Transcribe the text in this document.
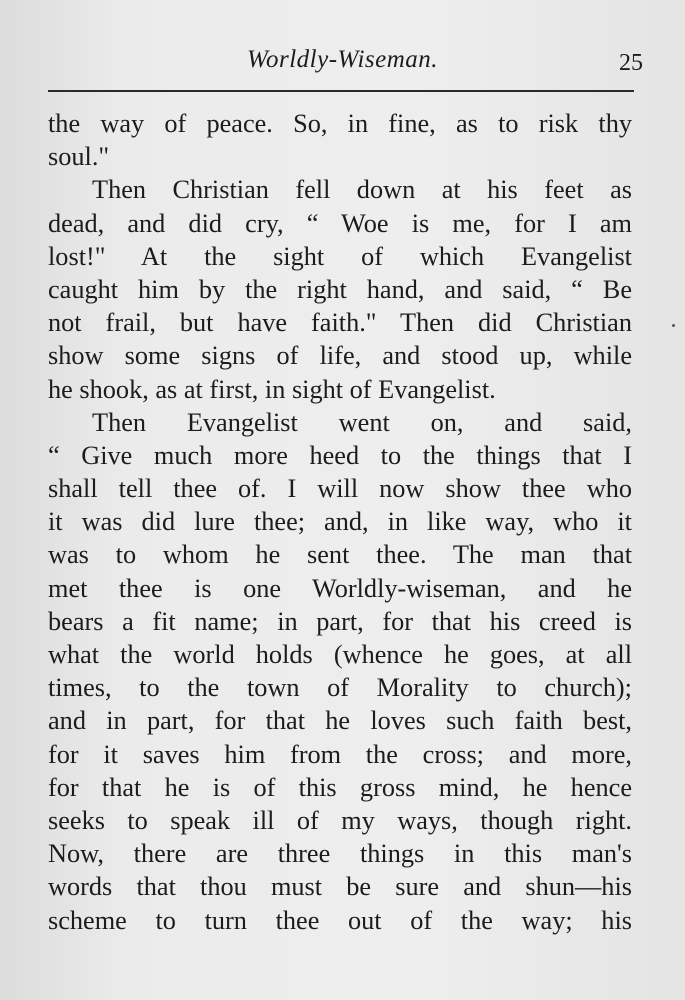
Worldly-Wiseman.	25
the way of peace. So, in fine, as to risk thy
soul."
Then Christian fell down at his feet as
dead, and did cry, “ Woe is me, for I am
lost!" At the sight of which Evangelist
caught him by the right hand, and said, “ Be
not frail, but have faith." Then did Christian
show some signs of life, and stood up, while
he shook, as at first, in sight of Evangelist.
Then Evangelist went on, and said,
“ Give much more heed to the things that I
shall tell thee of. I will now show thee who
it was did lure thee; and, in like way, who it
was to whom he sent thee. The man that
met thee is one Worldly-wiseman, and he
bears a fit name; in part, for that his creed is
what the world holds (whence he goes, at all
times, to the town of Morality to church);
and in part, for that he loves such faith best,
for it saves him from the cross; and more,
for that he is of this gross mind, he hence
seeks to speak ill of my ways, though right.
Now, there are three things in this man's
words that thou must be sure and shun—his
scheme to turn thee out of the way; his
